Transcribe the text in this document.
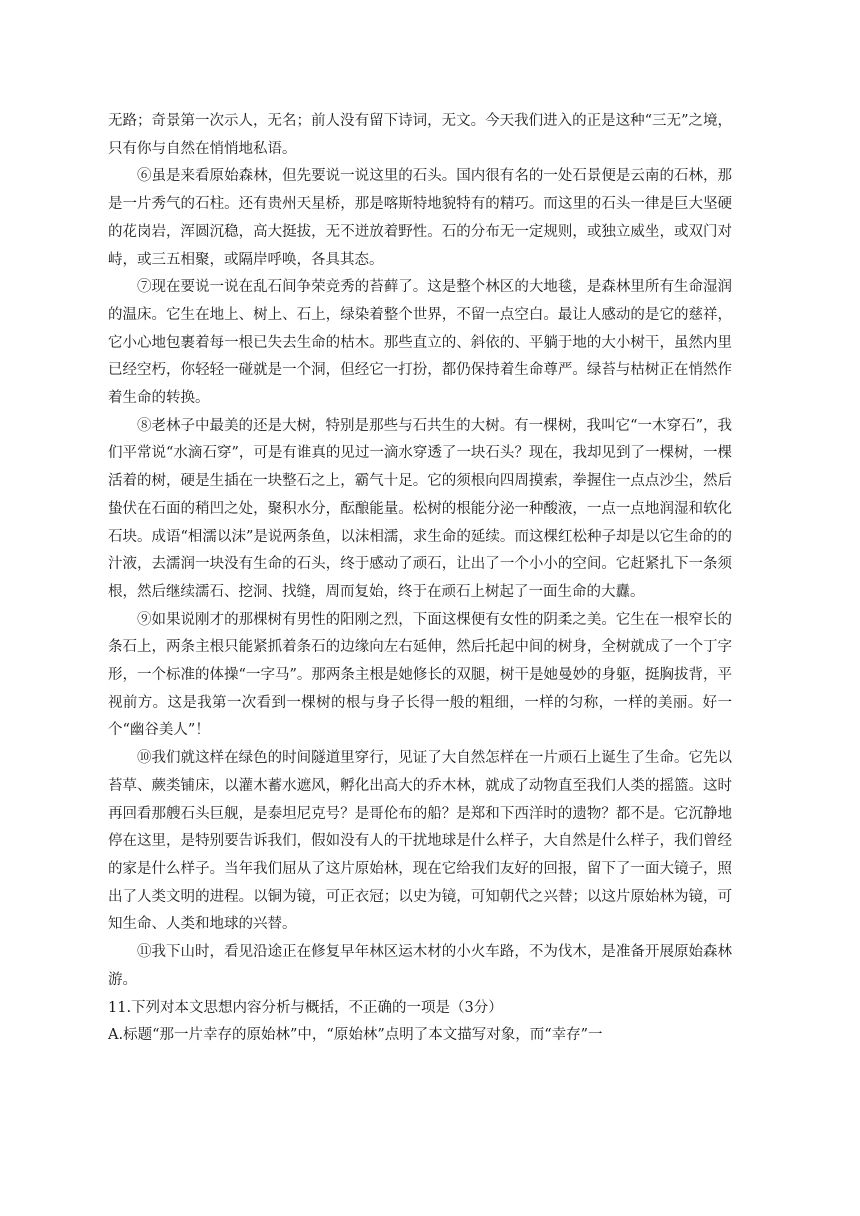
无路；奇景第一次示人，无名；前人没有留下诗词，无文。今天我们进入的正是这种“三无”之境，只有你与自然在悄悄地私语。

⑥虽是来看原始森林，但先要说一说这里的石头。国内很有名的一处石景便是云南的石林，那是一片秀气的石柱。还有贵州天星桥，那是喀斯特地貌特有的精巧。而这里的石头一律是巨大坚硬的花岗岩，浑圆沉稳，高大挺拔，无不迸放着野性。石的分布无一定规则，或独立威坐，或双门对峙，或三五相聚，或隔岸呼唤，各具其态。

⑦现在要说一说在乱石间争荣竞秀的苔藓了。这是整个林区的大地毯，是森林里所有生命湿润的温床。它生在地上、树上、石上，绿染着整个世界，不留一点空白。最让人感动的是它的慈祥，它小心地包裹着每一根已失去生命的枯木。那些直立的、斜依的、平躺于地的大小树干，虽然内里已经空朽，你轻轻一碰就是一个洞，但经它一打扮，都仍保持着生命尊严。绿苔与枯树正在悄然作着生命的转换。

⑧老林子中最美的还是大树，特别是那些与石共生的大树。有一棵树，我叫它“一木穿石”，我们平常说“水滴石穿”，可是有谁真的见过一滴水穿透了一块石头？现在，我却见到了一棵树，一棵活着的树，硬是生插在一块整石之上，霸气十足。它的须根向四周摸索，拳握住一点点沙尘，然后蛰伏在石面的稍凹之处，聚积水分，酝酿能量。松树的根能分泌一种酸液，一点一点地润湿和软化石块。成语“相濡以沫”是说两条鱼，以沫相濡，求生命的延续。而这棵红松种子却是以它生命的的汁液，去濡润一块没有生命的石头，终于感动了顽石，让出了一个小小的空间。它赶紧扎下一条须根，然后继续濡石、挖洞、找缝，周而复始，终于在顽石上树起了一面生命的大纛。

⑨如果说刚才的那棵树有男性的阳刚之烈，下面这棵便有女性的阴柔之美。它生在一根窄长的条石上，两条主根只能紧抓着条石的边缘向左右延伸，然后托起中间的树身，全树就成了一个丁字形，一个标准的体操“一字马”。那两条主根是她修长的双腿，树干是她曼妙的身躯，挺胸拔背，平视前方。这是我第一次看到一棵树的根与身子长得一般的粗细，一样的匀称，一样的美丽。好一个“幽谷美人”！

⑩我们就这样在绿色的时间隧道里穿行，见证了大自然怎样在一片顽石上诞生了生命。它先以苔草、蕨类铺床，以灌木蓄水遮风，孵化出高大的乔木林，就成了动物直至我们人类的摇篮。这时再回看那艘石头巨舰，是泰坦尼克号？是哥伦布的船？是郑和下西洋时的遗物？都不是。它沉静地停在这里，是特别要告诉我们，假如没有人的干扰地球是什么样子，大自然是什么样子，我们曾经的家是什么样子。当年我们屈从了这片原始林，现在它给我们友好的回报，留下了一面大镜子，照出了人类文明的进程。以铜为镜，可正衣冠；以史为镜，可知朝代之兴替；以这片原始林为镜，可知生命、人类和地球的兴替。

⑪我下山时，看见沿途正在修复早年林区运木材的小火车路，不为伐木，是准备开展原始森林游。

11.下列对本文思想内容分析与概括，不正确的一项是（3分）

A.标题“那一片幸存的原始林”中，“原始林”点明了本文描写对象，而“幸存”一
